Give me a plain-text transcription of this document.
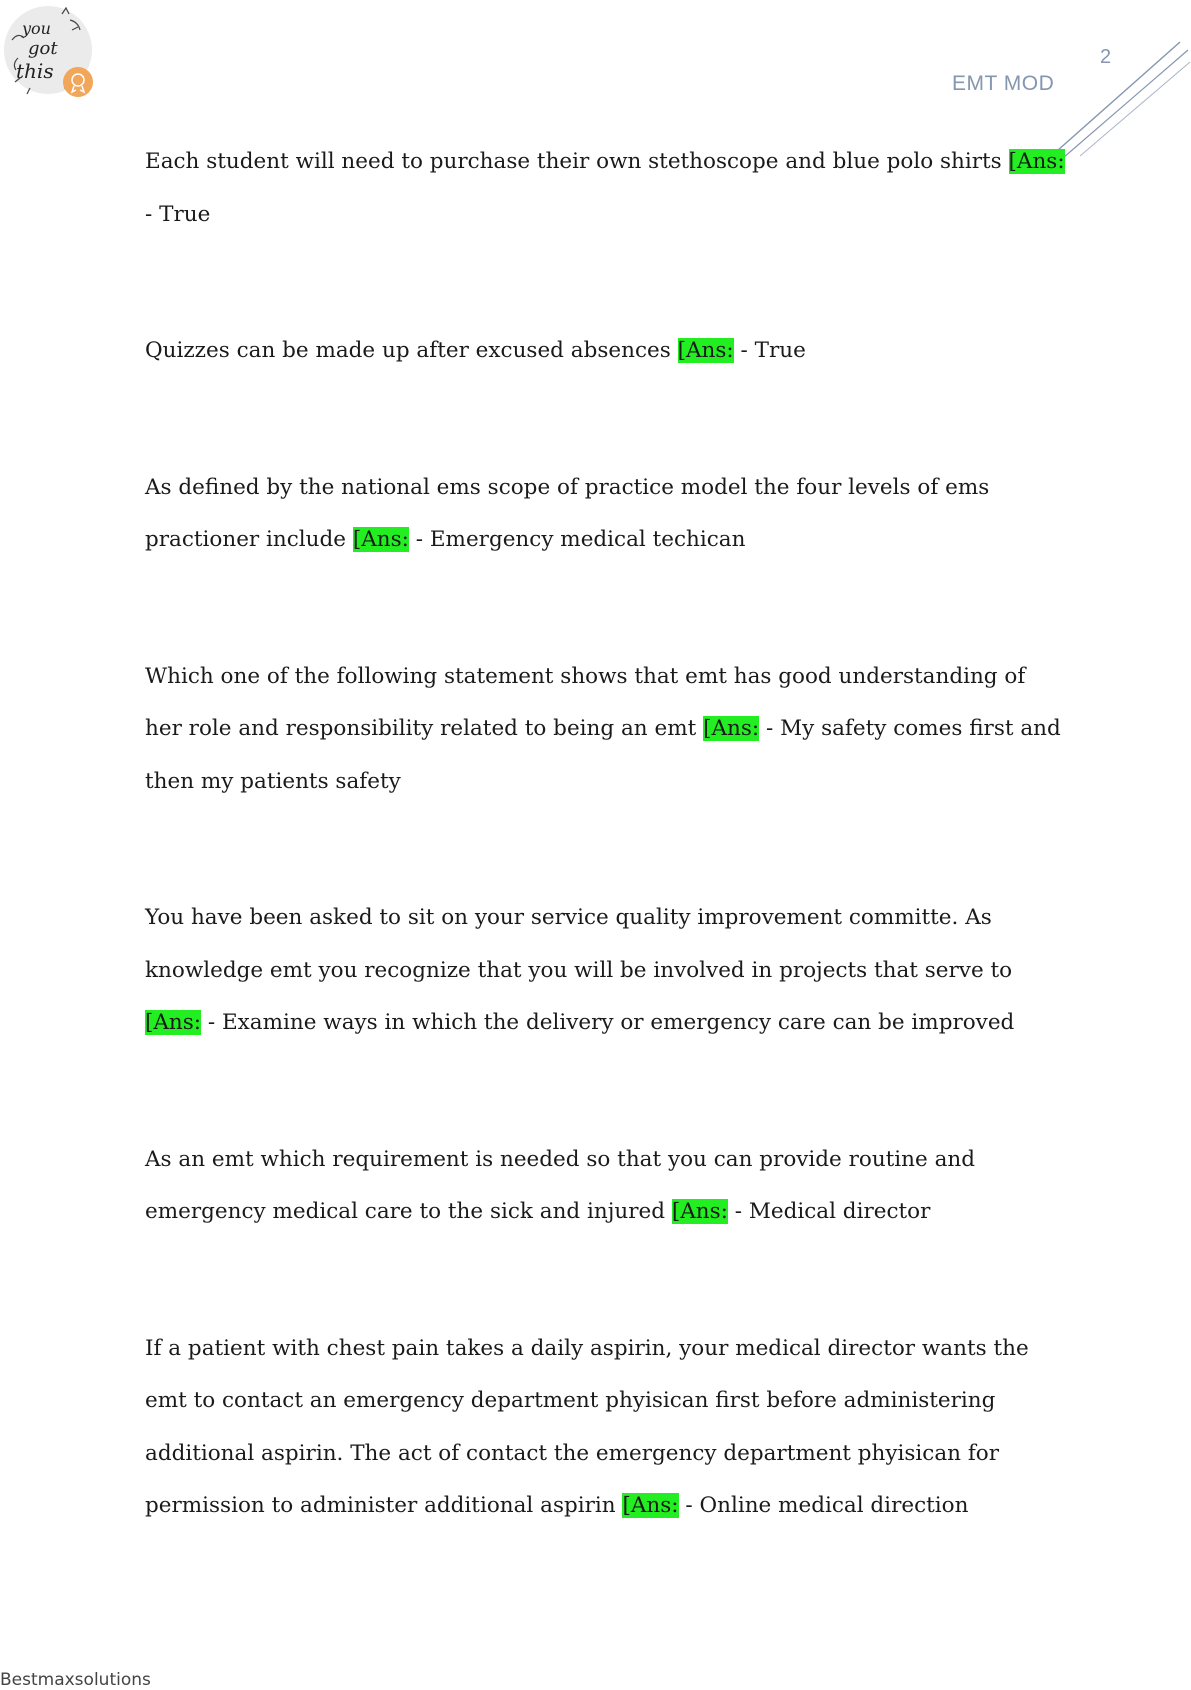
you
got
this
2
EMT MOD

Each student will need to purchase their own stethoscope and blue polo shirts [Ans: - True

Quizzes can be made up after excused absences [Ans: - True

As defined by the national ems scope of practice model the four levels of ems practioner include [Ans: - Emergency medical techican

Which one of the following statement shows that emt has good understanding of her role and responsibility related to being an emt [Ans: - My safety comes first and then my patients safety

You have been asked to sit on your service quality improvement committe. As knowledge emt you recognize that you will be involved in projects that serve to [Ans: - Examine ways in which the delivery or emergency care can be improved

As an emt which requirement is needed so that you can provide routine and emergency medical care to the sick and injured [Ans: - Medical director

If a patient with chest pain takes a daily aspirin, your medical director wants the emt to contact an emergency department phyisican first before administering additional aspirin. The act of contact the emergency department phyisican for permission to administer additional aspirin [Ans: - Online medical direction

Bestmaxsolutions
